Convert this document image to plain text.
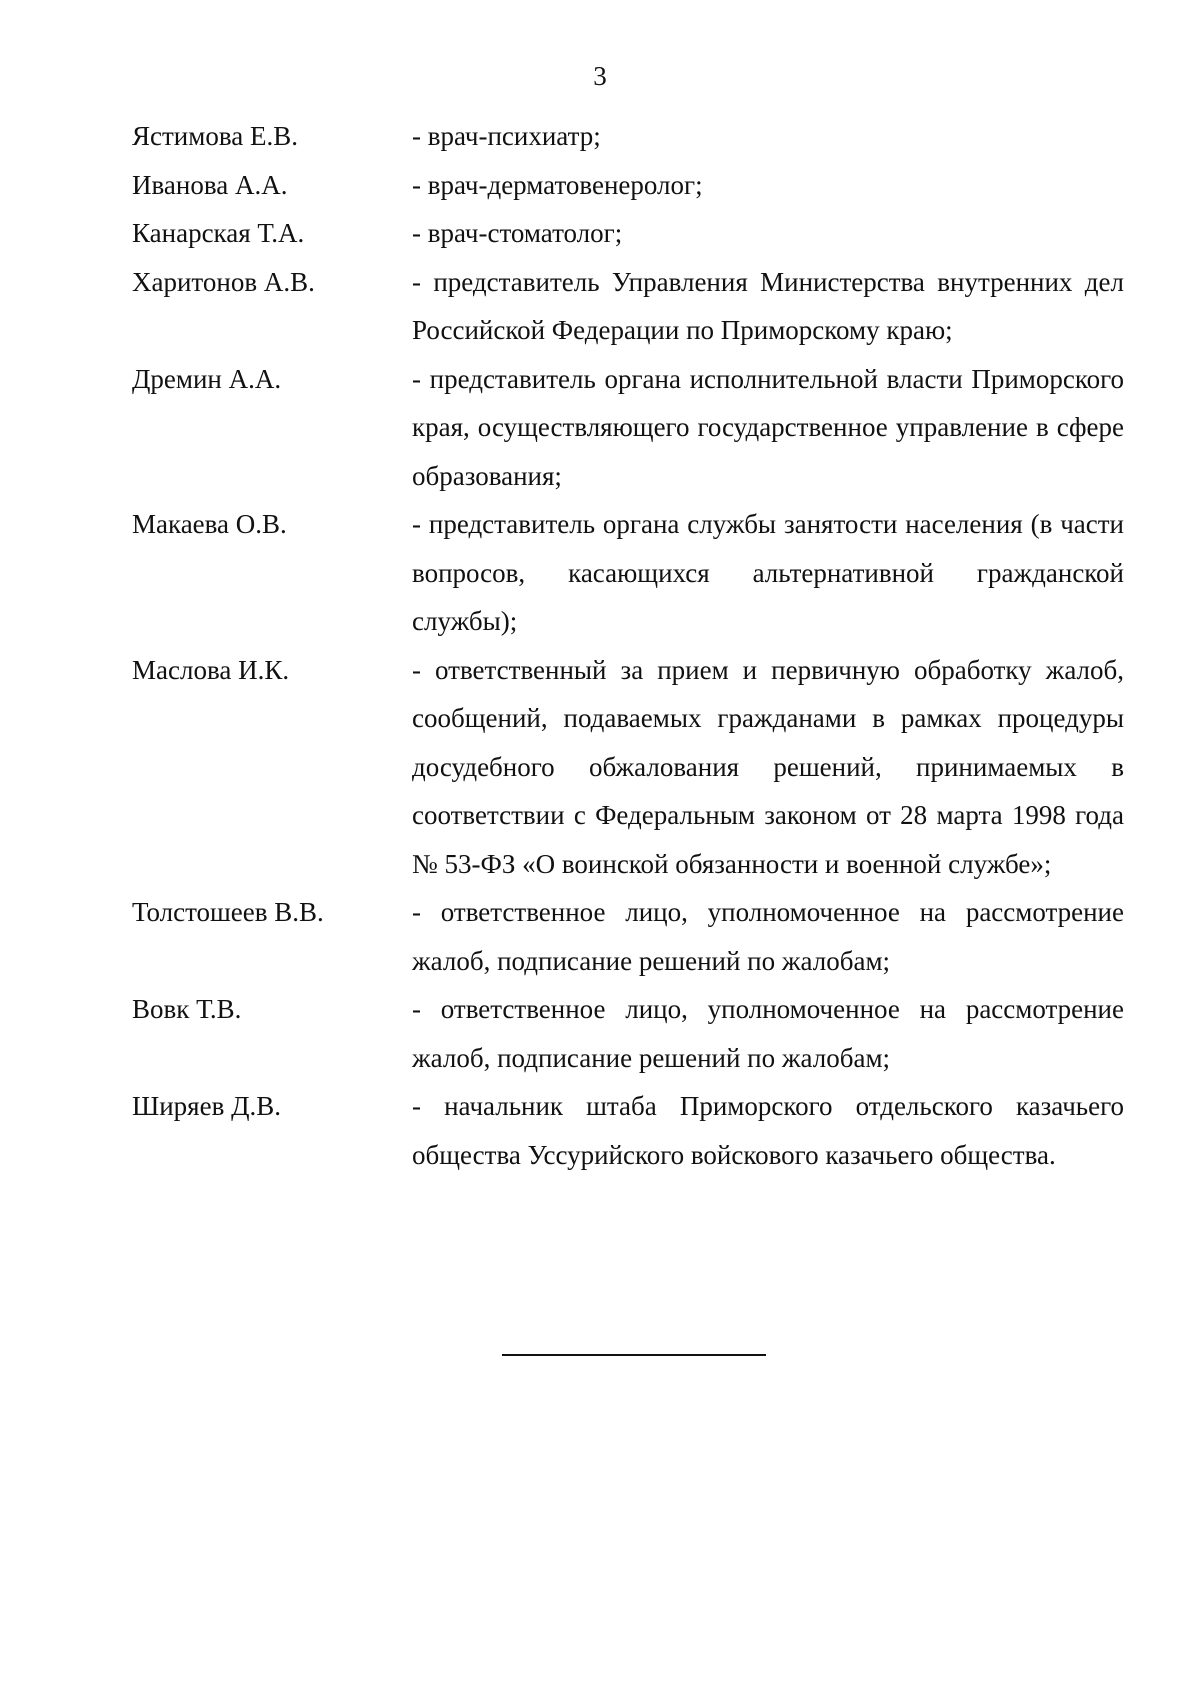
3
Ястимова Е.В.	- врач-психиатр;
Иванова А.А.	- врач-дерматовенеролог;
Канарская Т.А.	- врач-стоматолог;
Харитонов А.В.	- представитель Управления Министерства внутренних дел Российской Федерации по Приморскому краю;
Дремин А.А.	- представитель органа исполнительной власти Приморского края, осуществляющего государственное управление в сфере образования;
Макаева О.В.	- представитель органа службы занятости населения (в части вопросов, касающихся альтернативной гражданской службы);
Маслова И.К.	- ответственный за прием и первичную обработку жалоб, сообщений, подаваемых гражданами в рамках процедуры досудебного обжалования решений, принимаемых в соответствии с Федеральным законом от 28 марта 1998 года № 53-ФЗ «О воинской обязанности и военной службе»;
Толстошеев В.В.	- ответственное лицо, уполномоченное на рассмотрение жалоб, подписание решений по жалобам;
Вовк Т.В.	- ответственное лицо, уполномоченное на рассмотрение жалоб, подписание решений по жалобам;
Ширяев Д.В.	- начальник штаба Приморского отдельского казачьего общества Уссурийского войскового казачьего общества.
